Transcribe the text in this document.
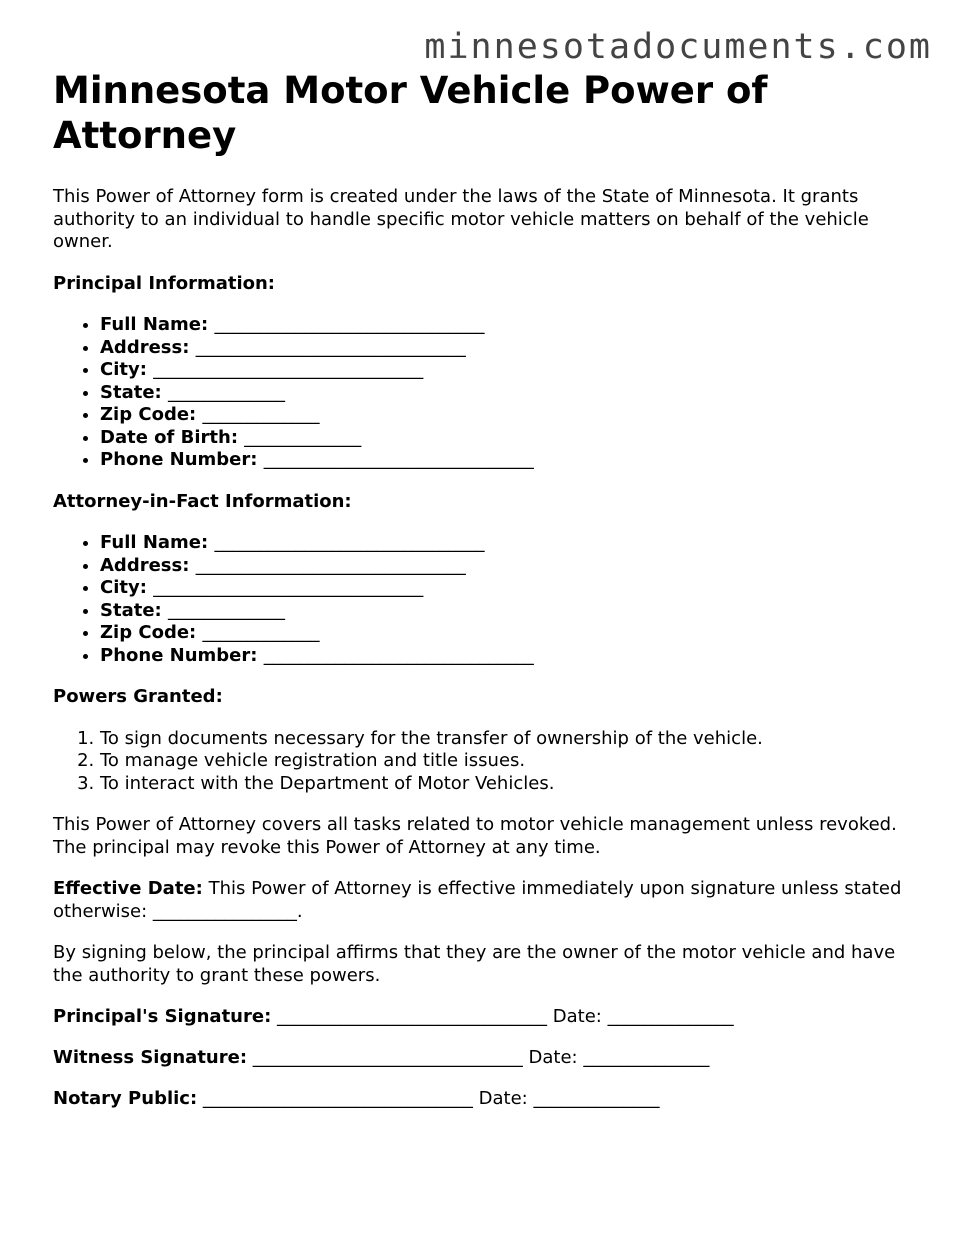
minnesotadocuments.com
Minnesota Motor Vehicle Power of Attorney

This Power of Attorney form is created under the laws of the State of Minnesota. It grants authority to an individual to handle specific motor vehicle matters on behalf of the vehicle owner.

Principal Information:

• Full Name: ______________________________
• Address: ______________________________
• City: ______________________________
• State: _____________
• Zip Code: _____________
• Date of Birth: _____________
• Phone Number: ______________________________

Attorney-in-Fact Information:

• Full Name: ______________________________
• Address: ______________________________
• City: ______________________________
• State: _____________
• Zip Code: _____________
• Phone Number: ______________________________

Powers Granted:

1. To sign documents necessary for the transfer of ownership of the vehicle.
2. To manage vehicle registration and title issues.
3. To interact with the Department of Motor Vehicles.

This Power of Attorney covers all tasks related to motor vehicle management unless revoked. The principal may revoke this Power of Attorney at any time.

Effective Date: This Power of Attorney is effective immediately upon signature unless stated otherwise: ________________.

By signing below, the principal affirms that they are the owner of the motor vehicle and have the authority to grant these powers.

Principal's Signature: ______________________________ Date: ______________

Witness Signature: ______________________________ Date: ______________

Notary Public: ______________________________ Date: ______________
